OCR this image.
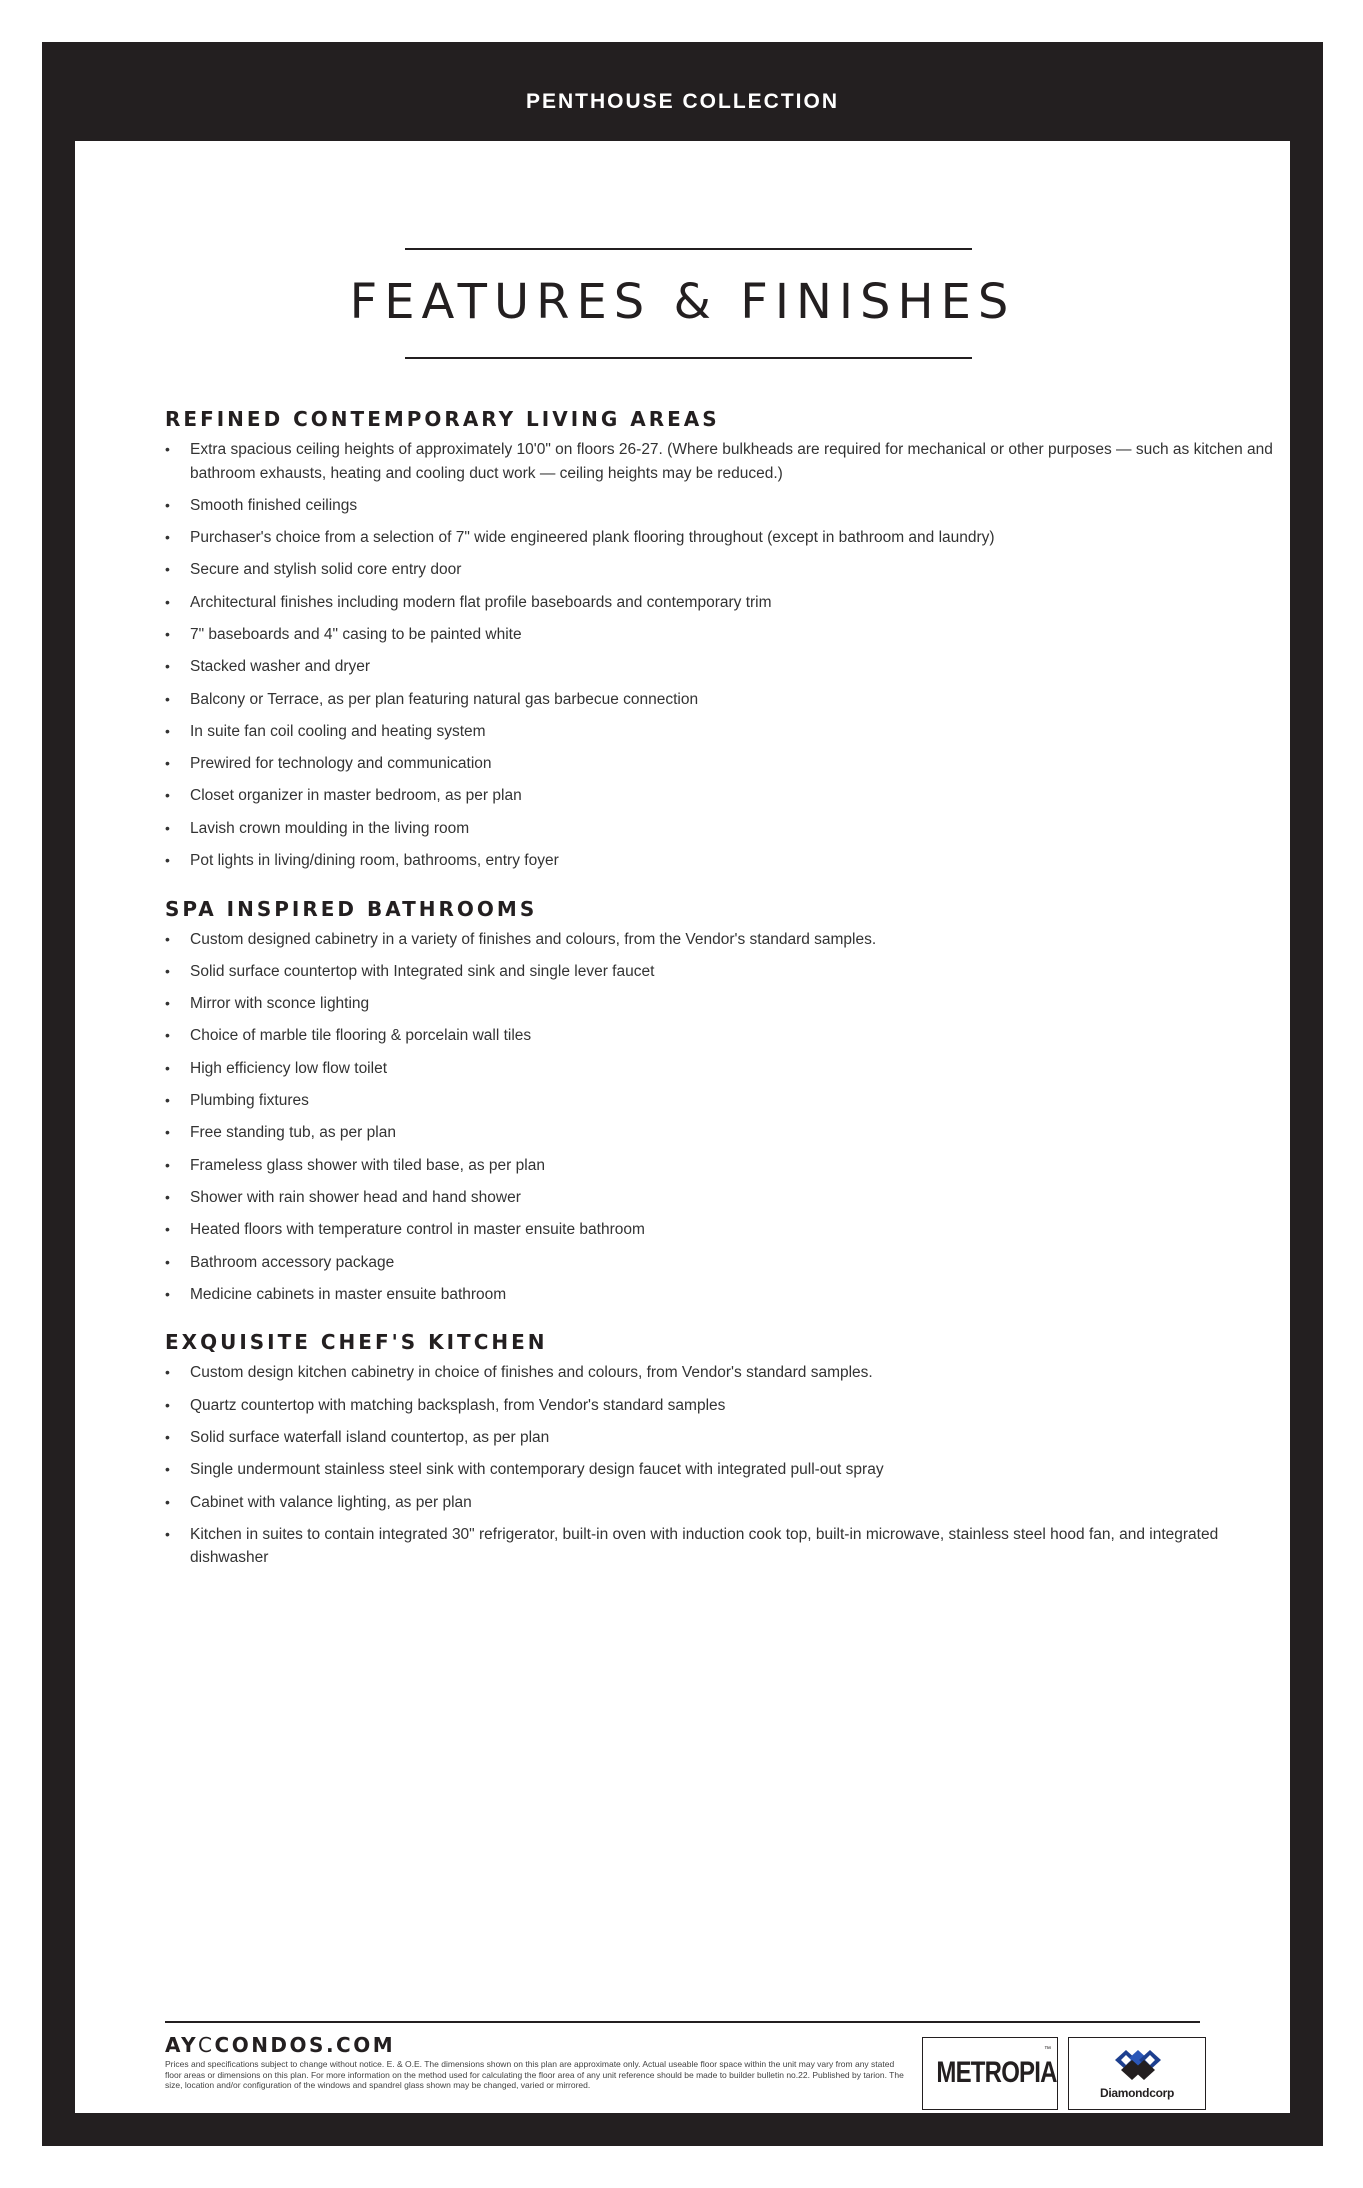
PENTHOUSE COLLECTION
FEATURES & FINISHES
REFINED CONTEMPORARY LIVING AREAS
• Extra spacious ceiling heights of approximately 10'0" on floors 26-27. (Where bulkheads are required for mechanical or other purposes — such as kitchen and bathroom exhausts, heating and cooling duct work — ceiling heights may be reduced.)
• Smooth finished ceilings
• Purchaser's choice from a selection of 7" wide engineered plank flooring throughout (except in bathroom and laundry)
• Secure and stylish solid core entry door
• Architectural finishes including modern flat profile baseboards and contemporary trim
• 7" baseboards and 4" casing to be painted white
• Stacked washer and dryer
• Balcony or Terrace, as per plan featuring natural gas barbecue connection
• In suite fan coil cooling and heating system
• Prewired for technology and communication
• Closet organizer in master bedroom, as per plan
• Lavish crown moulding in the living room
• Pot lights in living/dining room, bathrooms, entry foyer
SPA INSPIRED BATHROOMS
• Custom designed cabinetry in a variety of finishes and colours, from the Vendor's standard samples.
• Solid surface countertop with Integrated sink and single lever faucet
• Mirror with sconce lighting
• Choice of marble tile flooring & porcelain wall tiles
• High efficiency low flow toilet
• Plumbing fixtures
• Free standing tub, as per plan
• Frameless glass shower with tiled base, as per plan
• Shower with rain shower head and hand shower
• Heated floors with temperature control in master ensuite bathroom
• Bathroom accessory package
• Medicine cabinets in master ensuite bathroom
EXQUISITE CHEF'S KITCHEN
• Custom design kitchen cabinetry in choice of finishes and colours, from Vendor's standard samples.
• Quartz countertop with matching backsplash, from Vendor's standard samples
• Solid surface waterfall island countertop, as per plan
• Single undermount stainless steel sink with contemporary design faucet with integrated pull-out spray
• Cabinet with valance lighting, as per plan
• Kitchen in suites to contain integrated 30" refrigerator, built-in oven with induction cook top, built-in microwave, stainless steel hood fan, and integrated dishwasher
AYCCONDOS.COM
Prices and specifications subject to change without notice. E. & O.E. The dimensions shown on this plan are approximate only. Actual useable floor space within the unit may vary from any stated floor areas or dimensions on this plan. For more information on the method used for calculating the floor area of any unit reference should be made to builder bulletin no.22. Published by tarion. The size, location and/or configuration of the windows and spandrel glass shown may be changed, varied or mirrored.	METROPIA
™
Diamondcorp
